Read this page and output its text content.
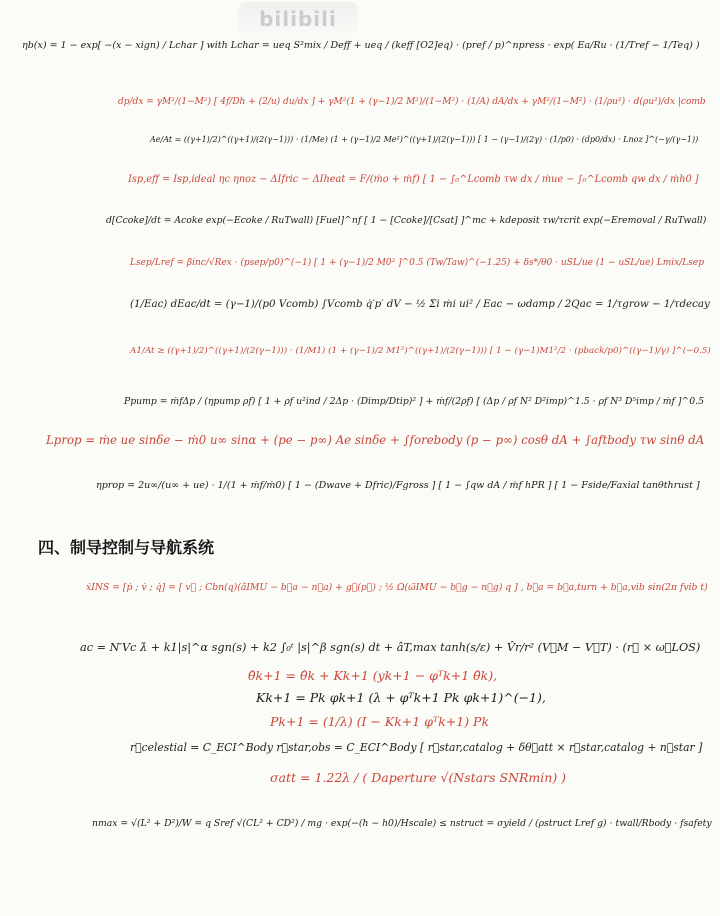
bilibili
ηb(x) = 1 − exp[ −(x − xign) / Lchar ] with Lchar = ueq S²mix / Deff + ueq / (keff [O2]eq) · (pref / p)^npress · exp( Ea/Ru · (1/Tref − 1/Teq) )
dp/dx = γM²/(1−M²) [ 4f/Dh + (2/u) du/dx ] + γM²(1 + (γ−1)/2 M²)/(1−M²) · (1/A) dA/dx + γM²/(1−M²) · (1/ρu²) · d(ρu²)/dx |comb
Ae/At = ((γ+1)/2)^((γ+1)/(2(γ−1))) · (1/Me) (1 + (γ−1)/2 Me²)^((γ+1)/(2(γ−1))) [ 1 − (γ−1)/(2γ) · (1/p0) · (dp0/dx) · Lnoz ]^(−γ/(γ−1))
Isp,eff = Isp,ideal ηc ηnoz − ΔIfric − ΔIheat = F/(ṁo + ṁf) [ 1 − ∫₀^Lcomb τw dx / ṁue − ∫₀^Lcomb qw dx / ṁh0 ]
d[Ccoke]/dt = Acoke exp(−Ecoke / RuTwall) [Fuel]^nf [ 1 − [Ccoke]/[Csat] ]^mc + kdeposit τw/τcrit exp(−Eremoval / RuTwall)
Lsep/Lref = βinc/√Rex · (psep/p0)^(−1) [ 1 + (γ−1)/2 M0² ]^0.5 (Tw/Taw)^(−1.25) + δs*/θ0 · uSL/ue (1 − uSL/ue) Lmix/Lsep
(1/Eac) dEac/dt = (γ−1)/(p0 Vcomb) ∫Vcomb q̇′p′ dV − ½ Σi ṁi ui² / Eac − ωdamp / 2Qac = 1/τgrow − 1/τdecay
A1/At ≥ ((γ+1)/2)^((γ+1)/(2(γ−1))) · (1/M1) (1 + (γ−1)/2 M1²)^((γ+1)/(2(γ−1))) [ 1 − (γ−1)M1²/2 · (pback/p0)^((γ−1)/γ) ]^(−0.5)
Ppump = ṁfΔp / (ηpump ρf) [ 1 + ρf u²ind / 2Δp · (Dimp/Dtip)² ] + ṁf/(2ρf) [ (Δp / ρf N² D²imp)^1.5 · ρf N³ D⁵imp / ṁf ]^0.5
Lprop = ṁe ue sinδe − ṁ0 u∞ sinα + (pe − p∞) Ae sinδe + ∫forebody (p − p∞) cosθ dA + ∫aftbody τw sinθ dA
ηprop = 2u∞/(u∞ + ue) · 1/(1 + ṁf/ṁ0) [ 1 − (Dwave + Dfric)/Fgross ] [ 1 − ∫qw dA / ṁf hPR ] [ 1 − Fside/Faxial tanθthrust ]
四、制导控制与导航系统
ẋINS = [ṗ ; v̇ ; q̇] = [ v⃗ ; Cbn(q)(ãIMU − b⃗a − n⃗a) + g⃗(p⃗) ; ½ Ω(ω̃IMU − b⃗g − n⃗g) q ] , b⃗a = b⃗a,turn + b⃗a,vib sin(2π fvib t)
ac = N′Vc λ̇ + k1|s|^α sgn(s) + k2 ∫₀ᵗ |s|^β sgn(s) dt + âT,max tanh(s/ε) + V̂r/r² (V⃗M − V⃗T) · (r⃗ × ω⃗LOS)
θ̂k+1 = θ̂k + Kk+1 (yk+1 − φᵀk+1 θ̂k),
Kk+1 = Pk φk+1 (λ + φᵀk+1 Pk φk+1)^(−1),
Pk+1 = (1/λ) (I − Kk+1 φᵀk+1) Pk
r⃗celestial = C_ECI^Body r⃗star,obs = C_ECI^Body [ r⃗star,catalog + δθ⃗att × r⃗star,catalog + n⃗star ]
σatt = 1.22λ / ( Daperture √(Nstars SNRmin) )
nmax = √(L² + D²)/W = q Sref √(CL² + CD²) / mg · exp(−(h − h0)/Hscale) ≤ nstruct = σyield / (ρstruct Lref g) · twall/Rbody · fsafety
